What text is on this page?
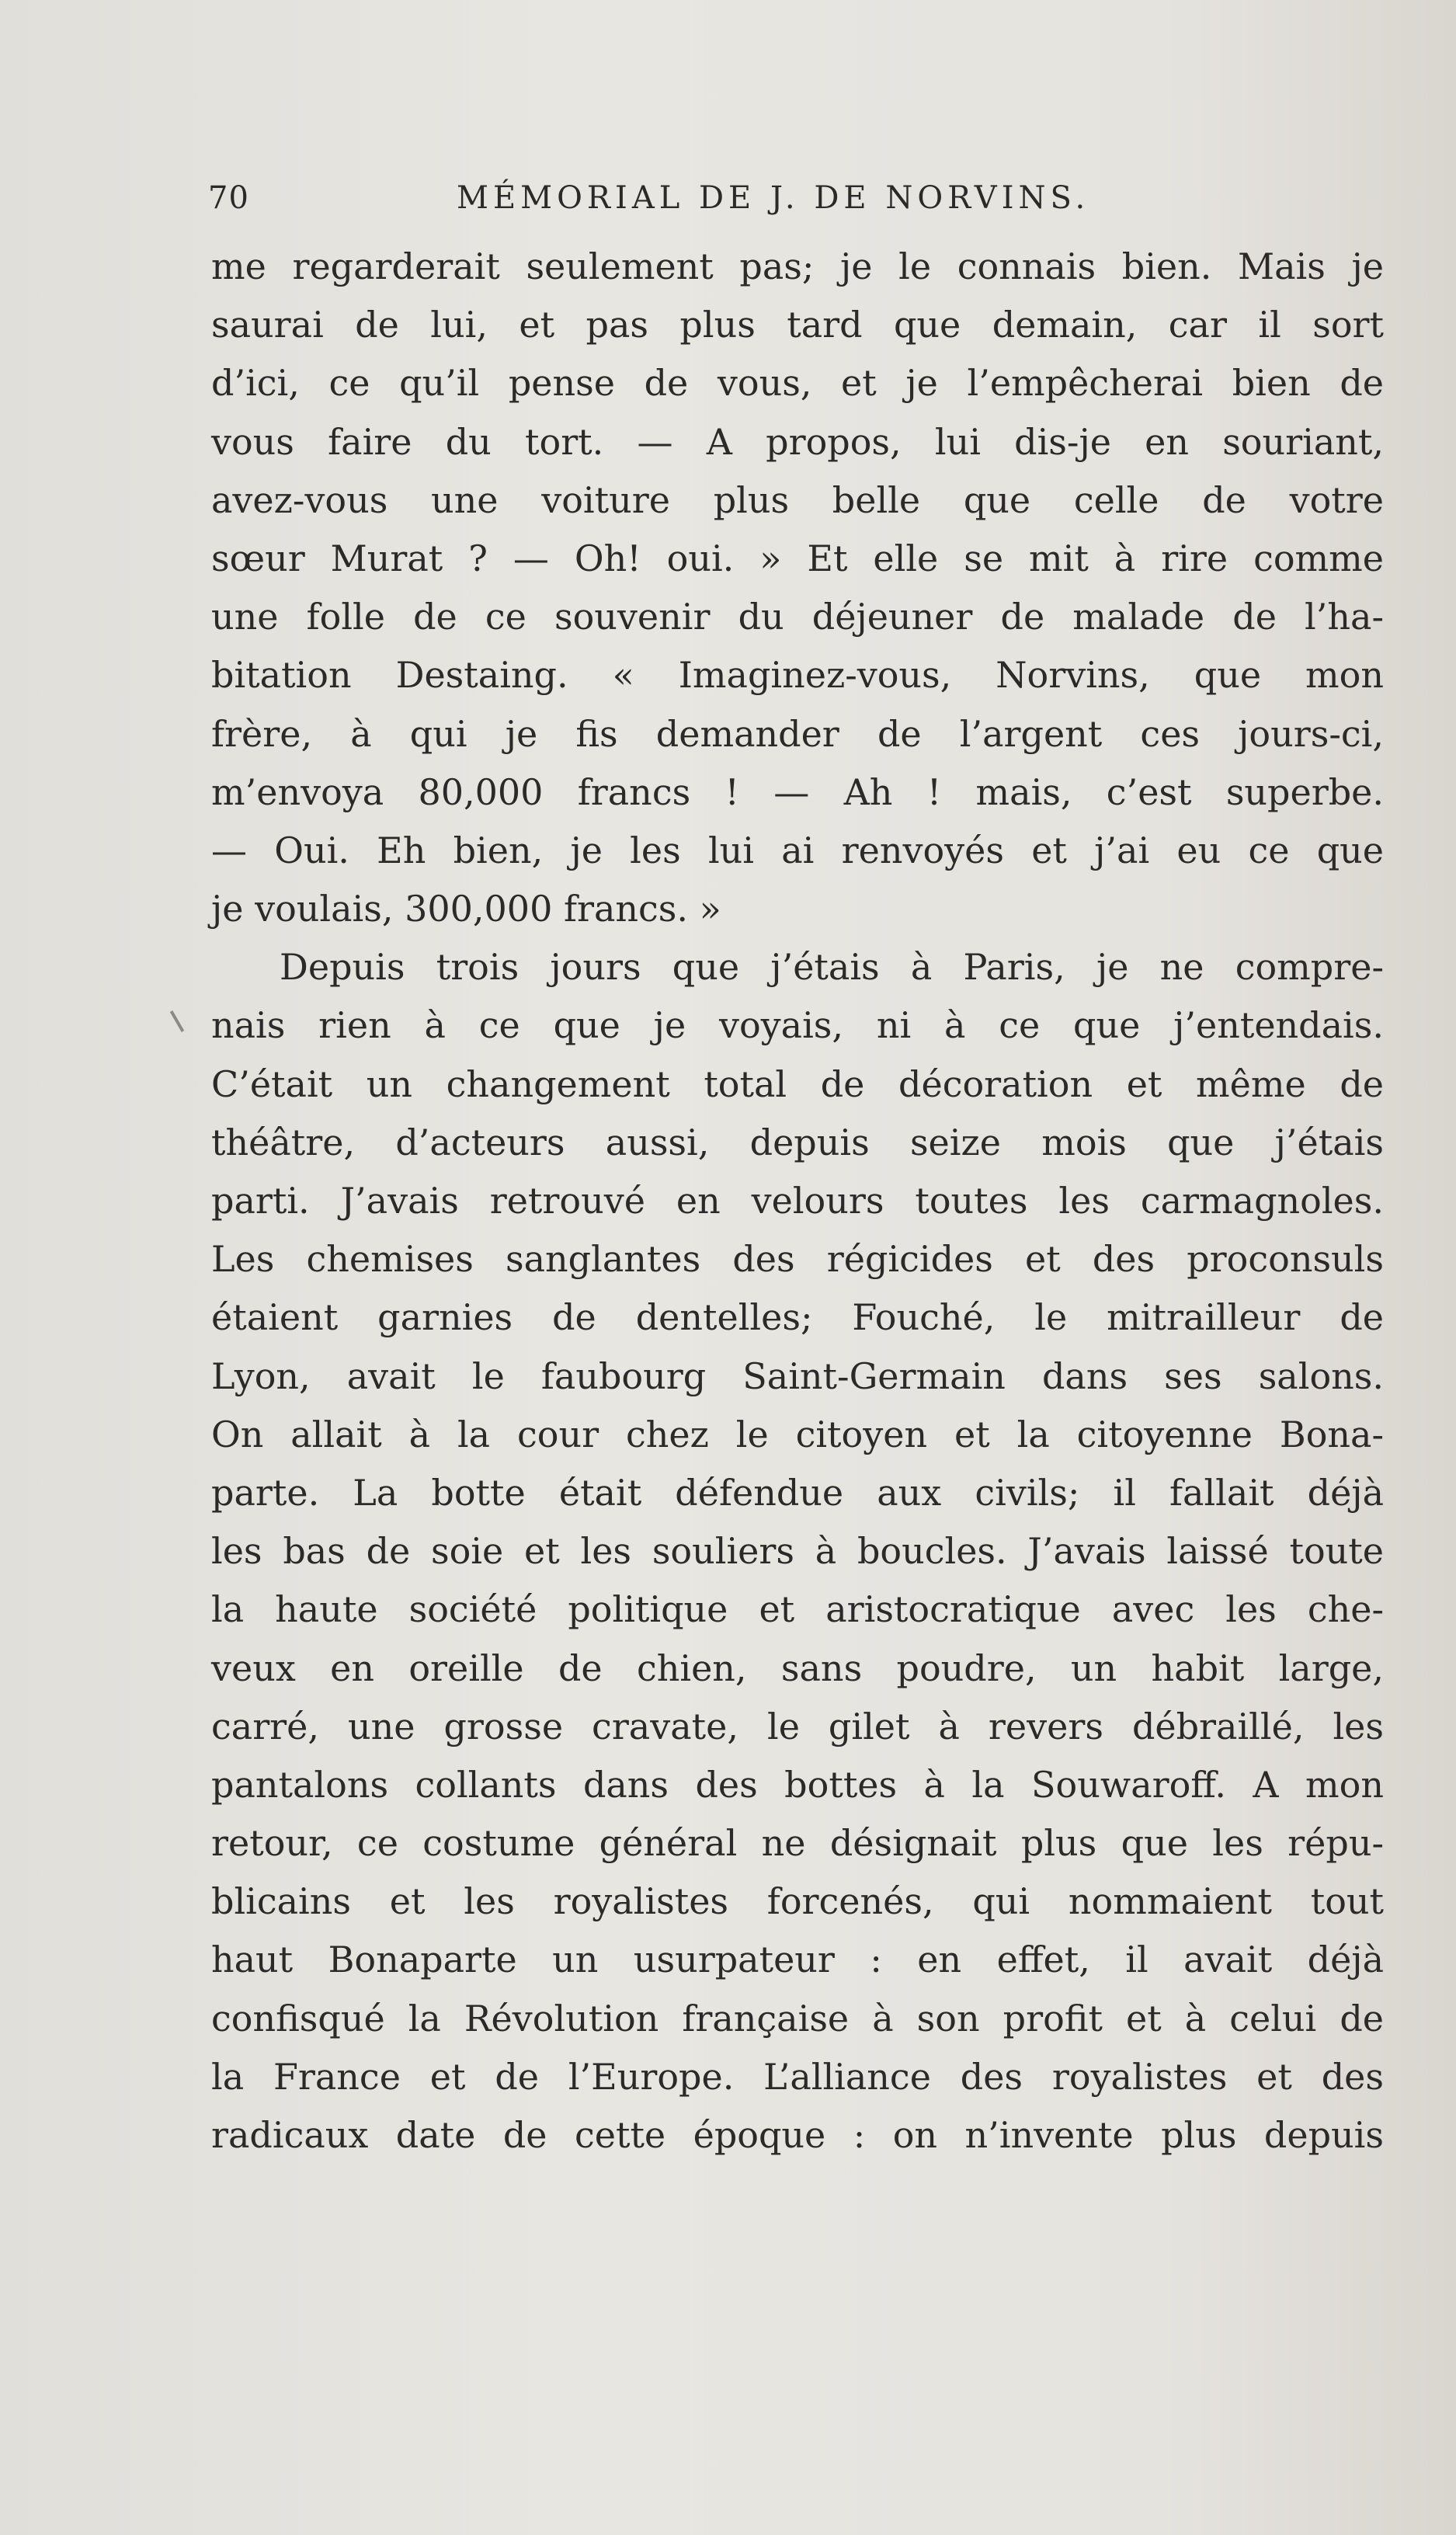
70	MÉMORIAL DE J. DE NORVINS.
me regarderait seulement pas; je le connais bien. Mais je
saurai de lui, et pas plus tard que demain, car il sort
d’ici, ce qu’il pense de vous, et je l’empêcherai bien de
vous faire du tort. — A propos, lui dis-je en souriant,
avez-vous une voiture plus belle que celle de votre
sœur Murat ? — Oh! oui. » Et elle se mit à rire comme
une folle de ce souvenir du déjeuner de malade de l’ha-
bitation Destaing. « Imaginez-vous, Norvins, que mon
frère, à qui je fis demander de l’argent ces jours-ci,
m’envoya 80,000 francs ! — Ah ! mais, c’est superbe.
— Oui. Eh bien, je les lui ai renvoyés et j’ai eu ce que
je voulais, 300,000 francs. »
Depuis trois jours que j’étais à Paris, je ne compre-
nais rien à ce que je voyais, ni à ce que j’entendais.
C’était un changement total de décoration et même de
théâtre, d’acteurs aussi, depuis seize mois que j’étais
parti. J’avais retrouvé en velours toutes les carmagnoles.
Les chemises sanglantes des régicides et des proconsuls
étaient garnies de dentelles; Fouché, le mitrailleur de
Lyon, avait le faubourg Saint-Germain dans ses salons.
On allait à la cour chez le citoyen et la citoyenne Bona-
parte. La botte était défendue aux civils; il fallait déjà
les bas de soie et les souliers à boucles. J’avais laissé toute
la haute société politique et aristocratique avec les che-
veux en oreille de chien, sans poudre, un habit large,
carré, une grosse cravate, le gilet à revers débraillé, les
pantalons collants dans des bottes à la Souwaroff. A mon
retour, ce costume général ne désignait plus que les répu-
blicains et les royalistes forcenés, qui nommaient tout
haut Bonaparte un usurpateur : en effet, il avait déjà
confisqué la Révolution française à son profit et à celui de
la France et de l’Europe. L’alliance des royalistes et des
radicaux date de cette époque : on n’invente plus depuis
